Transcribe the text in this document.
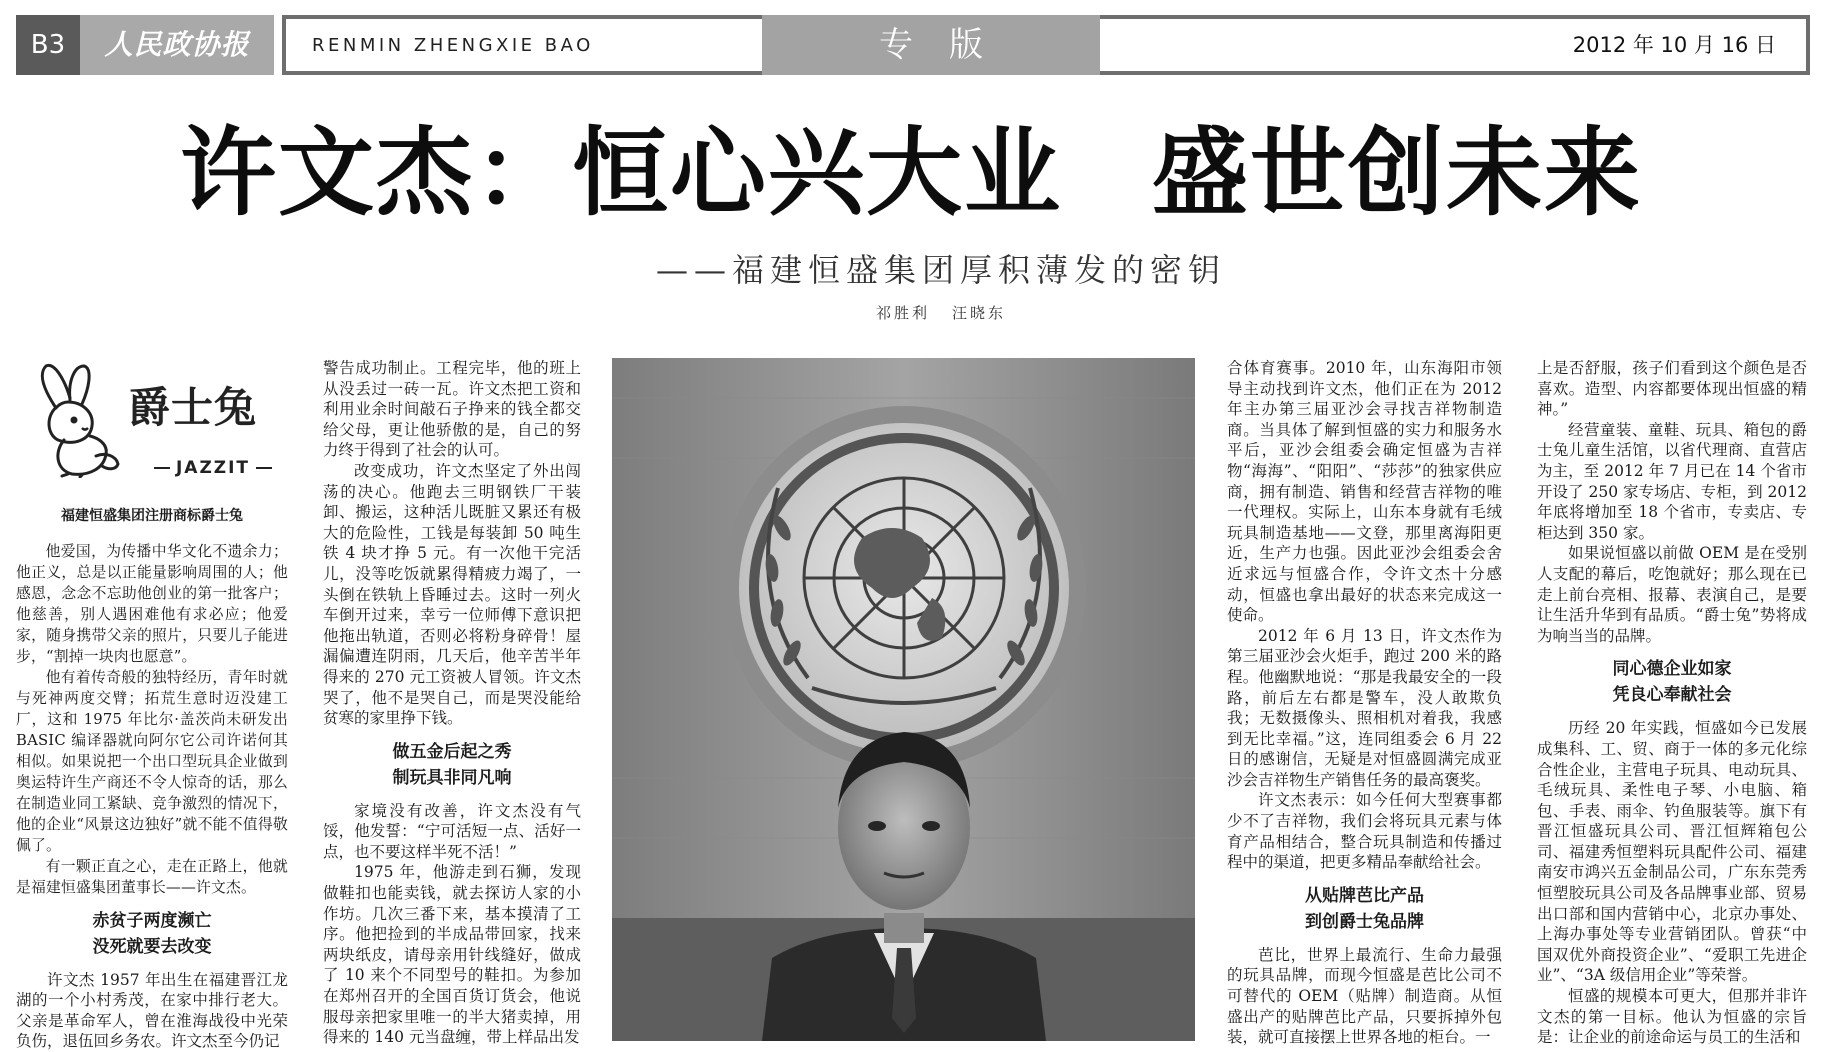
B3	人民政协报	RENMIN ZHENGXIE BAO	专版	2012 年 10 月 16 日
许文杰：恒心兴大业 盛世创未来
——福建恒盛集团厚积薄发的密钥
祁胜利 汪晓东
爵士兔
JAZZIT
福建恒盛集团注册商标爵士兔

他爱国，为传播中华文化不遗余力；他正义，总是以正能量影响周围的人；他感恩，念念不忘助他创业的第一批客户；他慈善，别人遇困难他有求必应；他爱家，随身携带父亲的照片，只要儿子能进步，“割掉一块肉也愿意”。

他有着传奇般的独特经历，青年时就与死神两度交臂；拓荒生意时迈没建工厂，这和 1975 年比尔·盖茨尚未研发出 BASIC 编译器就向阿尔它公司许诺何其相似。如果说把一个出口型玩具企业做到奥运特许生产商还不令人惊奇的话，那么在制造业同工紧缺、竞争激烈的情况下，他的企业“风景这边独好”就不能不值得敬佩了。

有一颗正直之心，走在正路上，他就是福建恒盛集团董事长——许文杰。

赤贫子两度濒亡
没死就要去改变

许文杰 1957 年出生在福建晋江龙湖的一个小村秀茂，在家中排行老大。父亲是革命军人，曾在淮海战役中光荣负伤，退伍回乡务农。许文杰至今仍记

警告成功制止。工程完毕，他的班上从没丢过一砖一瓦。许文杰把工资和利用业余时间敲石子挣来的钱全都交给父母，更让他骄傲的是，自己的努力终于得到了社会的认可。

改变成功，许文杰坚定了外出闯荡的决心。他跑去三明钢铁厂干装卸、搬运，这种活儿既脏又累还有极大的危险性，工钱是每装卸 50 吨生铁 4 块才挣 5 元。有一次他干完活儿，没等吃饭就累得精疲力竭了，一头倒在铁轨上昏睡过去。这时一列火车倒开过来，幸亏一位师傅下意识把他拖出轨道，否则必将粉身碎骨！屋漏偏遭连阴雨，几天后，他辛苦半年得来的 270 元工资被人冒领。许文杰哭了，他不是哭自己，而是哭没能给贫寒的家里挣下钱。

做五金后起之秀
制玩具非同凡响

家境没有改善，许文杰没有气馁，他发誓：“宁可活短一点、活好一点，也不要这样半死不活！”

1975 年，他游走到石狮，发现做鞋扣也能卖钱，就去探访人家的小作坊。几次三番下来，基本摸清了工序。他把捡到的半成品带回家，找来两块纸皮，请母亲用针线缝好，做成了 10 来个不同型号的鞋扣。为参加在郑州召开的全国百货订货会，他说服母亲把家里唯一的半大猪卖掉，用得来的 140 元当盘缠，带上样品出发

合体育赛事。2010 年，山东海阳市领导主动找到许文杰，他们正在为 2012 年主办第三届亚沙会寻找吉祥物制造商。当具体了解到恒盛的实力和服务水平后，亚沙会组委会确定恒盛为吉祥物“海海”、“阳阳”、“莎莎”的独家供应商，拥有制造、销售和经营吉祥物的唯一代理权。实际上，山东本身就有毛绒玩具制造基地——文登，那里离海阳更近，生产力也强。因此亚沙会组委会舍近求远与恒盛合作，令许文杰十分感动，恒盛也拿出最好的状态来完成这一使命。

2012 年 6 月 13 日，许文杰作为第三届亚沙会火炬手，跑过 200 米的路程。他幽默地说：“那是我最安全的一段路，前后左右都是警车，没人敢欺负我；无数摄像头、照相机对着我，我感到无比幸福。”这，连同组委会 6 月 22 日的感谢信，无疑是对恒盛圆满完成亚沙会吉祥物生产销售任务的最高褒奖。

许文杰表示：如今任何大型赛事都少不了吉祥物，我们会将玩具元素与体育产品相结合，整合玩具制造和传播过程中的渠道，把更多精品奉献给社会。

从贴牌芭比产品
到创爵士兔品牌

芭比，世界上最流行、生命力最强的玩具品牌，而现今恒盛是芭比公司不可替代的 OEM（贴牌）制造商。从恒盛出产的贴牌芭比产品，只要拆掉外包装，就可直接摆上世界各地的柜台。一

上是否舒服，孩子们看到这个颜色是否喜欢。造型、内容都要体现出恒盛的精神。”

经营童装、童鞋、玩具、箱包的爵士兔儿童生活馆，以省代理商、直营店为主，至 2012 年 7 月已在 14 个省市开设了 250 家专场店、专柜，到 2012 年底将增加至 18 个省市，专卖店、专柜达到 350 家。

如果说恒盛以前做 OEM 是在受别人支配的幕后，吃饱就好；那么现在已走上前台亮相、报幕、表演自己，是要让生活升华到有品质。“爵士兔”势将成为响当当的品牌。

同心德企业如家
凭良心奉献社会

历经 20 年实践，恒盛如今已发展成集科、工、贸、商于一体的多元化综合性企业，主营电子玩具、电动玩具、毛绒玩具、柔性电子琴、小电脑、箱包、手表、雨伞、钓鱼服装等。旗下有晋江恒盛玩具公司、晋江恒辉箱包公司、福建秀恒塑料玩具配件公司、福建南安市鸿兴五金制品公司，广东东莞秀恒塑胶玩具公司及各品牌事业部、贸易出口部和国内营销中心，北京办事处、上海办事处等专业营销团队。曾获“中国双优外商投资企业”、“爱职工先进企业”、“3A 级信用企业”等荣誉。

恒盛的规模本可更大，但那并非许文杰的第一目标。他认为恒盛的宗旨是：让企业的前途命运与员工的生活和
